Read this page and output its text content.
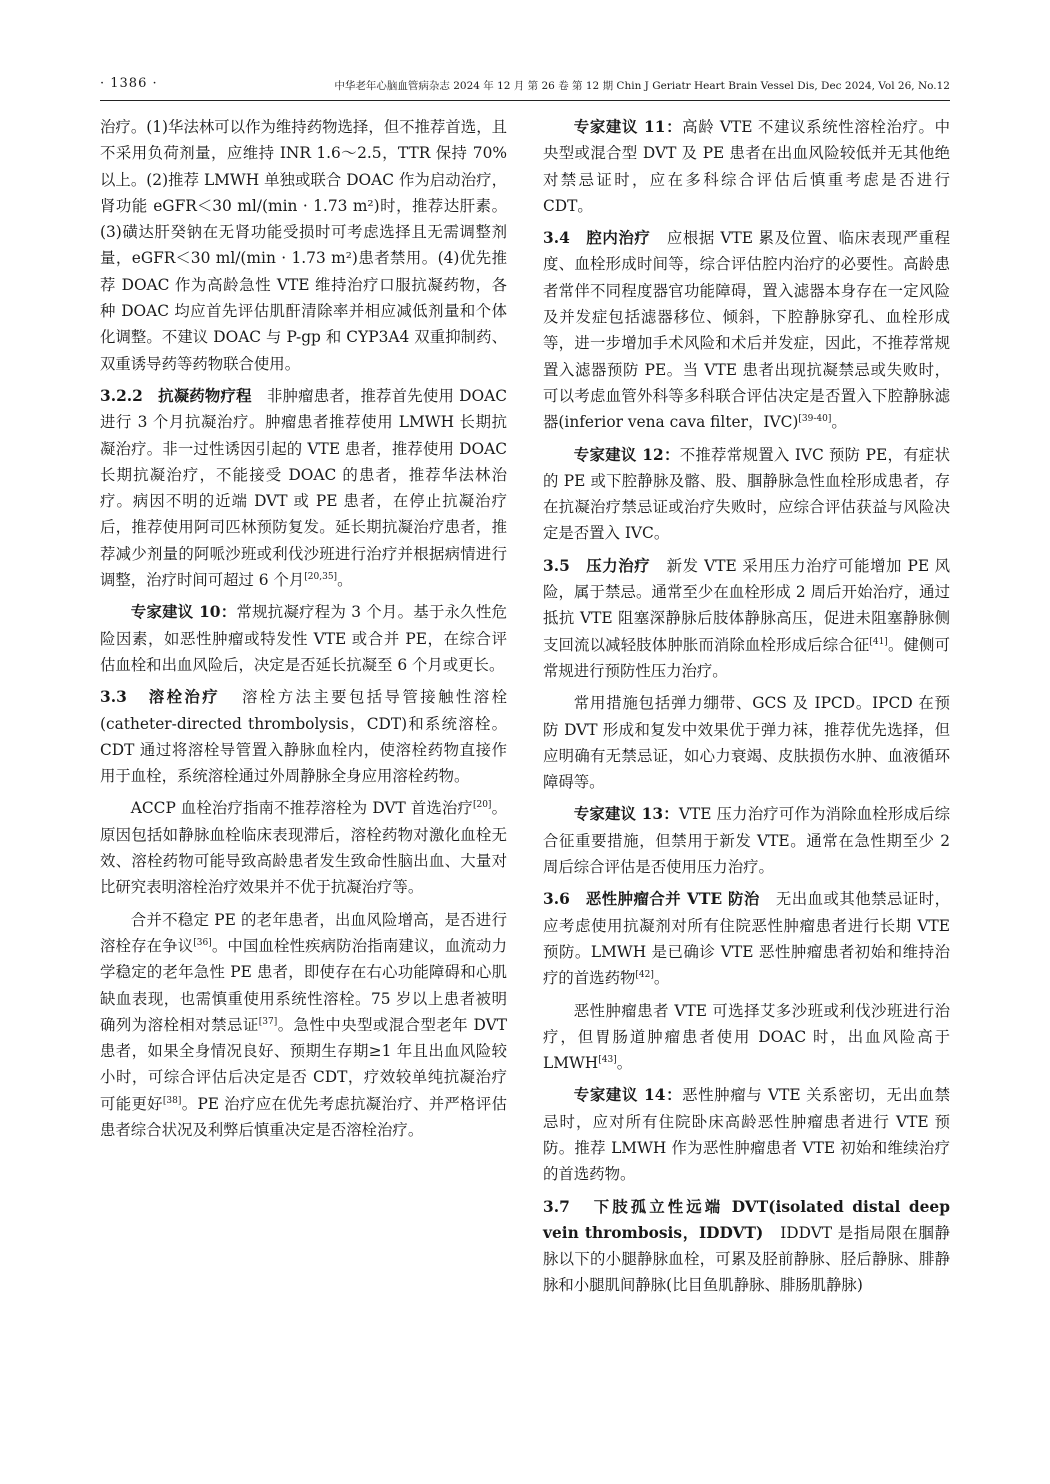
· 1386 ·	中华老年心脑血管病杂志 2024 年 12 月 第 26 卷 第 12 期 Chin J Geriatr Heart Brain Vessel Dis, Dec 2024, Vol 26, No.12

治疗。(1)华法林可以作为维持药物选择，但不推荐首选，且不采用负荷剂量，应维持 INR 1.6～2.5，TTR 保持 70%以上。(2)推荐 LMWH 单独或联合 DOAC 作为启动治疗，肾功能 eGFR＜30 ml/(min · 1.73 m²)时，推荐达肝素。(3)磺达肝癸钠在无肾功能受损时可考虑选择且无需调整剂量，eGFR＜30 ml/(min · 1.73 m²)患者禁用。(4)优先推荐 DOAC 作为高龄急性 VTE 维持治疗口服抗凝药物，各种 DOAC 均应首先评估肌酐清除率并相应减低剂量和个体化调整。不建议 DOAC 与 P-gp 和 CYP3A4 双重抑制药、双重诱导药等药物联合使用。

3.2.2 抗凝药物疗程 非肿瘤患者，推荐首先使用 DOAC 进行 3 个月抗凝治疗。肿瘤患者推荐使用 LMWH 长期抗凝治疗。非一过性诱因引起的 VTE 患者，推荐使用 DOAC 长期抗凝治疗，不能接受 DOAC 的患者，推荐华法林治疗。病因不明的近端 DVT 或 PE 患者，在停止抗凝治疗后，推荐使用阿司匹林预防复发。延长期抗凝治疗患者，推荐减少剂量的阿哌沙班或利伐沙班进行治疗并根据病情进行调整，治疗时间可超过 6 个月[20,35]。

专家建议 10：常规抗凝疗程为 3 个月。基于永久性危险因素，如恶性肿瘤或特发性 VTE 或合并 PE，在综合评估血栓和出血风险后，决定是否延长抗凝至 6 个月或更长。

3.3 溶栓治疗 溶栓方法主要包括导管接触性溶栓(catheter-directed thrombolysis，CDT)和系统溶栓。CDT 通过将溶栓导管置入静脉血栓内，使溶栓药物直接作用于血栓，系统溶栓通过外周静脉全身应用溶栓药物。

ACCP 血栓治疗指南不推荐溶栓为 DVT 首选治疗[20]。原因包括如静脉血栓临床表现滞后，溶栓药物对激化血栓无效、溶栓药物可能导致高龄患者发生致命性脑出血、大量对比研究表明溶栓治疗效果并不优于抗凝治疗等。

合并不稳定 PE 的老年患者，出血风险增高，是否进行溶栓存在争议[36]。中国血栓性疾病防治指南建议，血流动力学稳定的老年急性 PE 患者，即使存在右心功能障碍和心肌缺血表现，也需慎重使用系统性溶栓。75 岁以上患者被明确列为溶栓相对禁忌证[37]。急性中央型或混合型老年 DVT 患者，如果全身情况良好、预期生存期≥1 年且出血风险较小时，可综合评估后决定是否 CDT，疗效较单纯抗凝治疗可能更好[38]。PE 治疗应在优先考虑抗凝治疗、并严格评估患者综合状况及利弊后慎重决定是否溶栓治疗。

专家建议 11：高龄 VTE 不建议系统性溶栓治疗。中央型或混合型 DVT 及 PE 患者在出血风险较低并无其他绝对禁忌证时，应在多科综合评估后慎重考虑是否进行 CDT。

3.4 腔内治疗 应根据 VTE 累及位置、临床表现严重程度、血栓形成时间等，综合评估腔内治疗的必要性。高龄患者常伴不同程度器官功能障碍，置入滤器本身存在一定风险及并发症包括滤器移位、倾斜，下腔静脉穿孔、血栓形成等，进一步增加手术风险和术后并发症，因此，不推荐常规置入滤器预防 PE。当 VTE 患者出现抗凝禁忌或失败时，可以考虑血管外科等多科联合评估决定是否置入下腔静脉滤器(inferior vena cava filter，IVC)[39-40]。

专家建议 12：不推荐常规置入 IVC 预防 PE，有症状的 PE 或下腔静脉及髂、股、腘静脉急性血栓形成患者，存在抗凝治疗禁忌证或治疗失败时，应综合评估获益与风险决定是否置入 IVC。

3.5 压力治疗 新发 VTE 采用压力治疗可能增加 PE 风险，属于禁忌。通常至少在血栓形成 2 周后开始治疗，通过抵抗 VTE 阻塞深静脉后肢体静脉高压，促进未阻塞静脉侧支回流以减轻肢体肿胀而消除血栓形成后综合征[41]。健侧可常规进行预防性压力治疗。

常用措施包括弹力绷带、GCS 及 IPCD。IPCD 在预防 DVT 形成和复发中效果优于弹力袜，推荐优先选择，但应明确有无禁忌证，如心力衰竭、皮肤损伤水肿、血液循环障碍等。

专家建议 13：VTE 压力治疗可作为消除血栓形成后综合征重要措施，但禁用于新发 VTE。通常在急性期至少 2 周后综合评估是否使用压力治疗。

3.6 恶性肿瘤合并 VTE 防治 无出血或其他禁忌证时，应考虑使用抗凝剂对所有住院恶性肿瘤患者进行长期 VTE 预防。LMWH 是已确诊 VTE 恶性肿瘤患者初始和维持治疗的首选药物[42]。

恶性肿瘤患者 VTE 可选择艾多沙班或利伐沙班进行治疗，但胃肠道肿瘤患者使用 DOAC 时，出血风险高于 LMWH[43]。

专家建议 14：恶性肿瘤与 VTE 关系密切，无出血禁忌时，应对所有住院卧床高龄恶性肿瘤患者进行 VTE 预防。推荐 LMWH 作为恶性肿瘤患者 VTE 初始和维续治疗的首选药物。

3.7 下肢孤立性远端 DVT(isolated distal deep vein thrombosis，IDDVT) IDDVT 是指局限在腘静脉以下的小腿静脉血栓，可累及胫前静脉、胫后静脉、腓静脉和小腿肌间静脉(比目鱼肌静脉、腓肠肌静脉)
